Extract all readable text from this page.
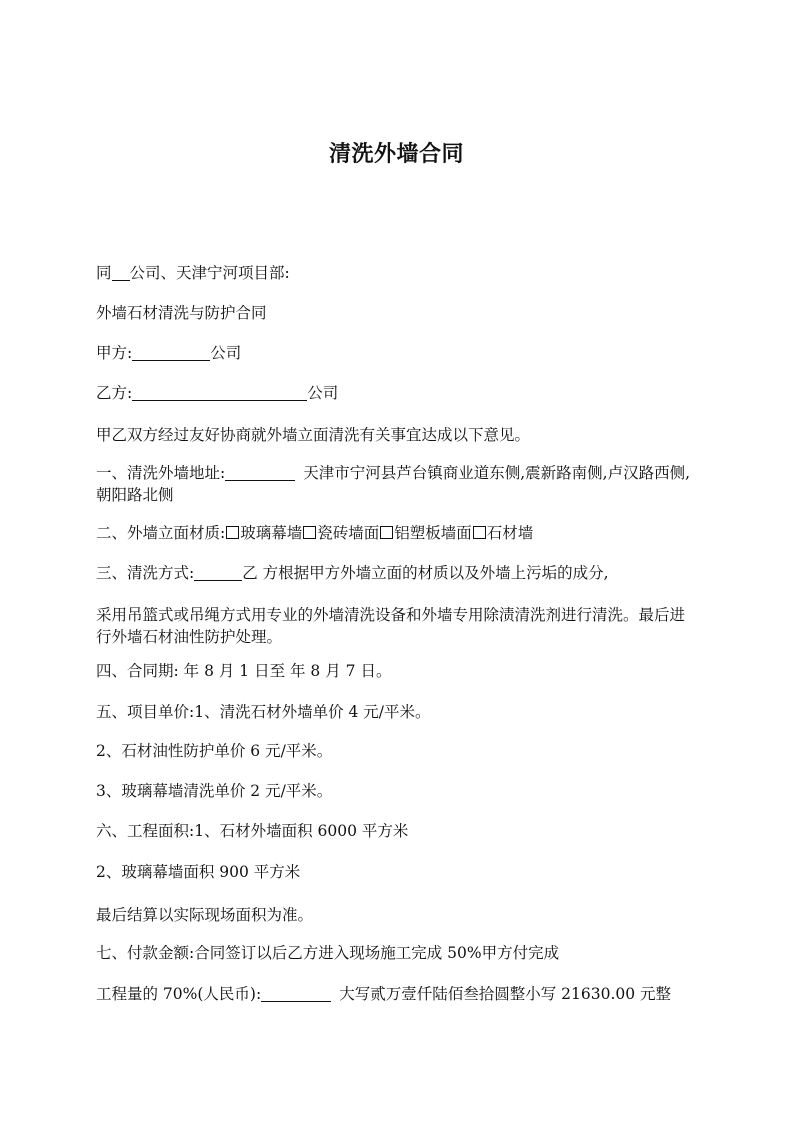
清洗外墙合同
同 公司、天津宁河项目部:
外墙石材清洗与防护合同
甲方:	公司
乙方:	公司
甲乙双方经过友好协商就外墙立面清洗有关事宜达成以下意见。
一、清洗外墙地址:	天津市宁河县芦台镇商业道东侧,震新路南侧,卢汉路西侧,朝阳路北侧
二、外墙立面材质: 玻璃幕墙 瓷砖墙面 铝塑板墙面 石材墙
三、清洗方式:	乙 方根据甲方外墙立面的材质以及外墙上污垢的成分,
采用吊篮式或吊绳方式用专业的外墙清洗设备和外墙专用除渍清洗剂进行清洗。最后进行外墙石材油性防护处理。
四、合同期: 年 8 月 1 日至 年 8 月 7 日。
五、项目单价:1、清洗石材外墙单价 4 元/平米。
2、石材油性防护单价 6 元/平米。
3、玻璃幕墙清洗单价 2 元/平米。
六、工程面积:1、石材外墙面积 6000 平方米
2、玻璃幕墙面积 900 平方米
最后结算以实际现场面积为准。
七、付款金额:合同签订以后乙方进入现场施工完成 50%甲方付完成
工程量的 70%(人民币):	大写贰万壹仟陆佰叁拾圆整小写 21630.00 元整
